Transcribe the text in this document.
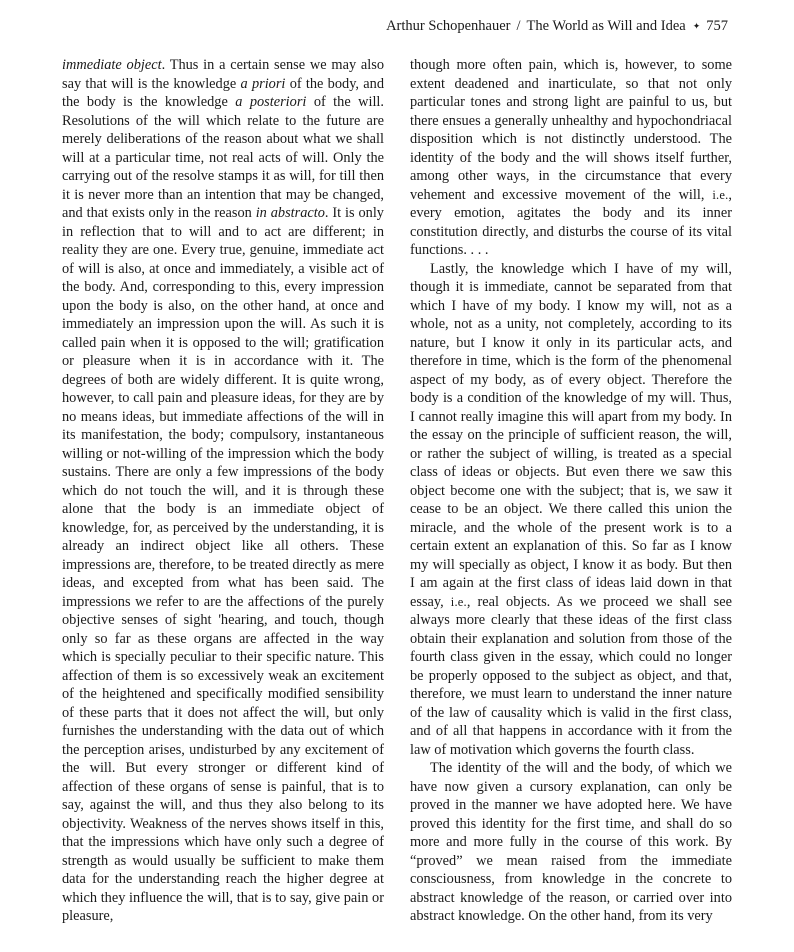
Arthur Schopenhauer / The World as Will and Idea ✦ 757

immediate object. Thus in a certain sense we may also say that will is the knowledge a priori of the body, and the body is the knowledge a posteriori of the will. Resolutions of the will which relate to the future are merely deliberations of the reason about what we shall will at a particular time, not real acts of will. Only the carrying out of the resolve stamps it as will, for till then it is never more than an intention that may be changed, and that exists only in the reason in abstracto. It is only in reflection that to will and to act are different; in reality they are one. Every true, genuine, immediate act of will is also, at once and immediately, a visible act of the body. And, corresponding to this, every impression upon the body is also, on the other hand, at once and immediately an impression upon the will. As such it is called pain when it is opposed to the will; gratification or pleasure when it is in accordance with it. The degrees of both are widely different. It is quite wrong, however, to call pain and pleasure ideas, for they are by no means ideas, but immediate affections of the will in its manifestation, the body; compulsory, instantaneous willing or not-willing of the impression which the body sustains. There are only a few impressions of the body which do not touch the will, and it is through these alone that the body is an immediate object of knowledge, for, as perceived by the understanding, it is already an indirect object like all others. These impressions are, therefore, to be treated directly as mere ideas, and excepted from what has been said. The impressions we refer to are the affections of the purely objective senses of sight 'hearing, and touch, though only so far as these organs are affected in the way which is specially peculiar to their specific nature. This affection of them is so excessively weak an excitement of the heightened and specifically modified sensibility of these parts that it does not affect the will, but only furnishes the understanding with the data out of which the perception arises, undisturbed by any excitement of the will. But every stronger or different kind of affection of these organs of sense is painful, that is to say, against the will, and thus they also belong to its objectivity. Weakness of the nerves shows itself in this, that the impressions which have only such a degree of strength as would usually be sufficient to make them data for the understanding reach the higher degree at which they influence the will, that is to say, give pain or pleasure,

though more often pain, which is, however, to some extent deadened and inarticulate, so that not only particular tones and strong light are painful to us, but there ensues a generally unhealthy and hypochondriacal disposition which is not distinctly understood. The identity of the body and the will shows itself further, among other ways, in the circumstance that every vehement and excessive movement of the will, i.e., every emotion, agitates the body and its inner constitution directly, and disturbs the course of its vital functions. . . .

Lastly, the knowledge which I have of my will, though it is immediate, cannot be separated from that which I have of my body. I know my will, not as a whole, not as a unity, not completely, according to its nature, but I know it only in its particular acts, and therefore in time, which is the form of the phenomenal aspect of my body, as of every object. Therefore the body is a condition of the knowledge of my will. Thus, I cannot really imagine this will apart from my body. In the essay on the principle of sufficient reason, the will, or rather the subject of willing, is treated as a special class of ideas or objects. But even there we saw this object become one with the subject; that is, we saw it cease to be an object. We there called this union the miracle, and the whole of the present work is to a certain extent an explanation of this. So far as I know my will specially as object, I know it as body. But then I am again at the first class of ideas laid down in that essay, i.e., real objects. As we proceed we shall see always more clearly that these ideas of the first class obtain their explanation and solution from those of the fourth class given in the essay, which could no longer be properly opposed to the subject as object, and that, therefore, we must learn to understand the inner nature of the law of causality which is valid in the first class, and of all that happens in accordance with it from the law of motivation which governs the fourth class.

The identity of the will and the body, of which we have now given a cursory explanation, can only be proved in the manner we have adopted here. We have proved this identity for the first time, and shall do so more and more fully in the course of this work. By “proved” we mean raised from the immediate consciousness, from knowledge in the concrete to abstract knowledge of the reason, or carried over into abstract knowledge. On the other hand, from its very
